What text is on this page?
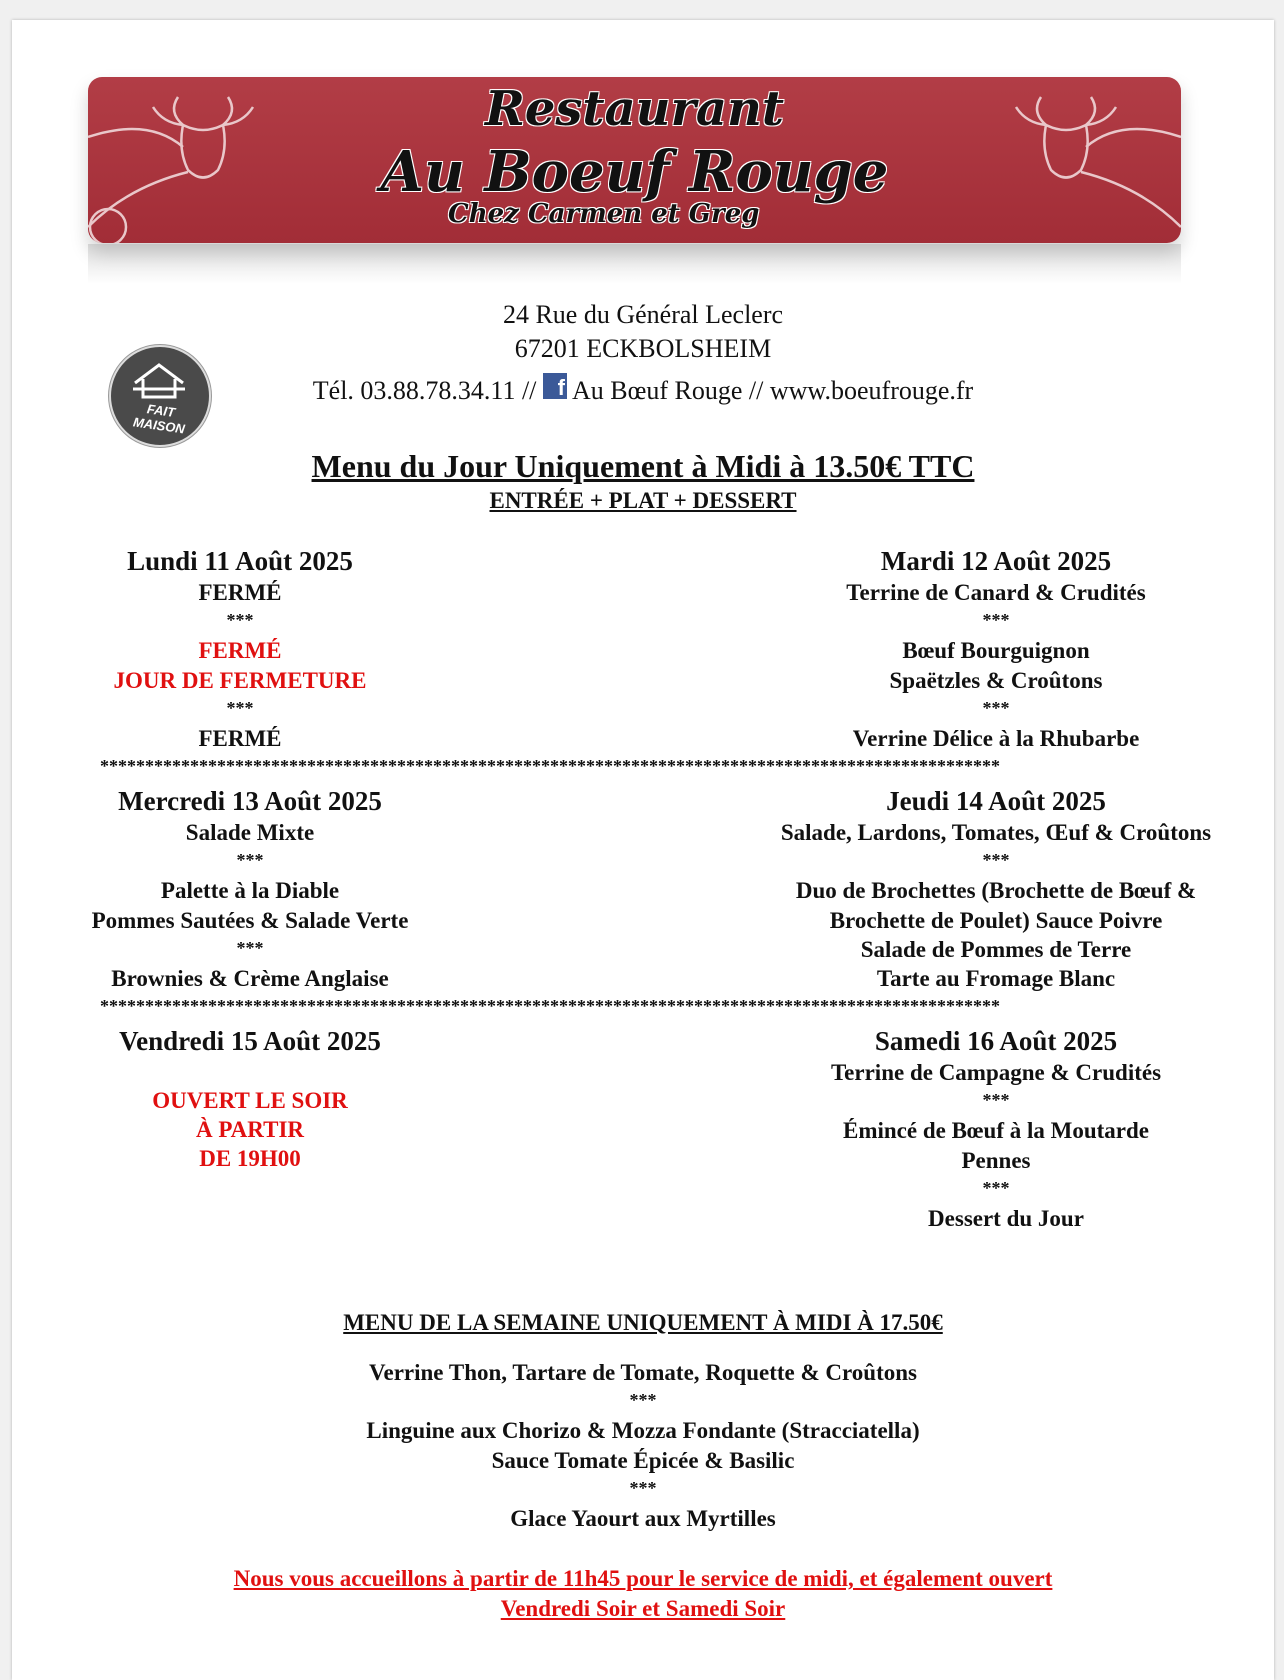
Restaurant
Au Boeuf Rouge
Chez Carmen et Greg
24 Rue du Général Leclerc
67201 ECKBOLSHEIM
Tél. 03.88.78.34.11 // f Au Bœuf Rouge // www.boeufrouge.fr
FAIT MAISON
Menu du Jour Uniquement à Midi à 13.50€ TTC
ENTRÉE + PLAT + DESSERT
Lundi 11 Août 2025
FERMÉ
***
FERMÉ
JOUR DE FERMETURE
***
FERMÉ
Mardi 12 Août 2025
Terrine de Canard & Crudités
***
Bœuf Bourguignon
Spaëtzles & Croûtons
***
Verrine Délice à la Rhubarbe
****************************************************************************************************
Mercredi 13 Août 2025
Salade Mixte
***
Palette à la Diable
Pommes Sautées & Salade Verte
***
Brownies & Crème Anglaise
Jeudi 14 Août 2025
Salade, Lardons, Tomates, Œuf & Croûtons
***
Duo de Brochettes (Brochette de Bœuf &
Brochette de Poulet) Sauce Poivre
Salade de Pommes de Terre
Tarte au Fromage Blanc
****************************************************************************************************
Vendredi 15 Août 2025
OUVERT LE SOIR
À PARTIR
DE 19H00
Samedi 16 Août 2025
Terrine de Campagne & Crudités
***
Émincé de Bœuf à la Moutarde
Pennes
***
Dessert du Jour
MENU DE LA SEMAINE UNIQUEMENT À MIDI À 17.50€
Verrine Thon, Tartare de Tomate, Roquette & Croûtons
***
Linguine aux Chorizo & Mozza Fondante (Stracciatella)
Sauce Tomate Épicée & Basilic
***
Glace Yaourt aux Myrtilles
Nous vous accueillons à partir de 11h45 pour le service de midi, et également ouvert
Vendredi Soir et Samedi Soir
